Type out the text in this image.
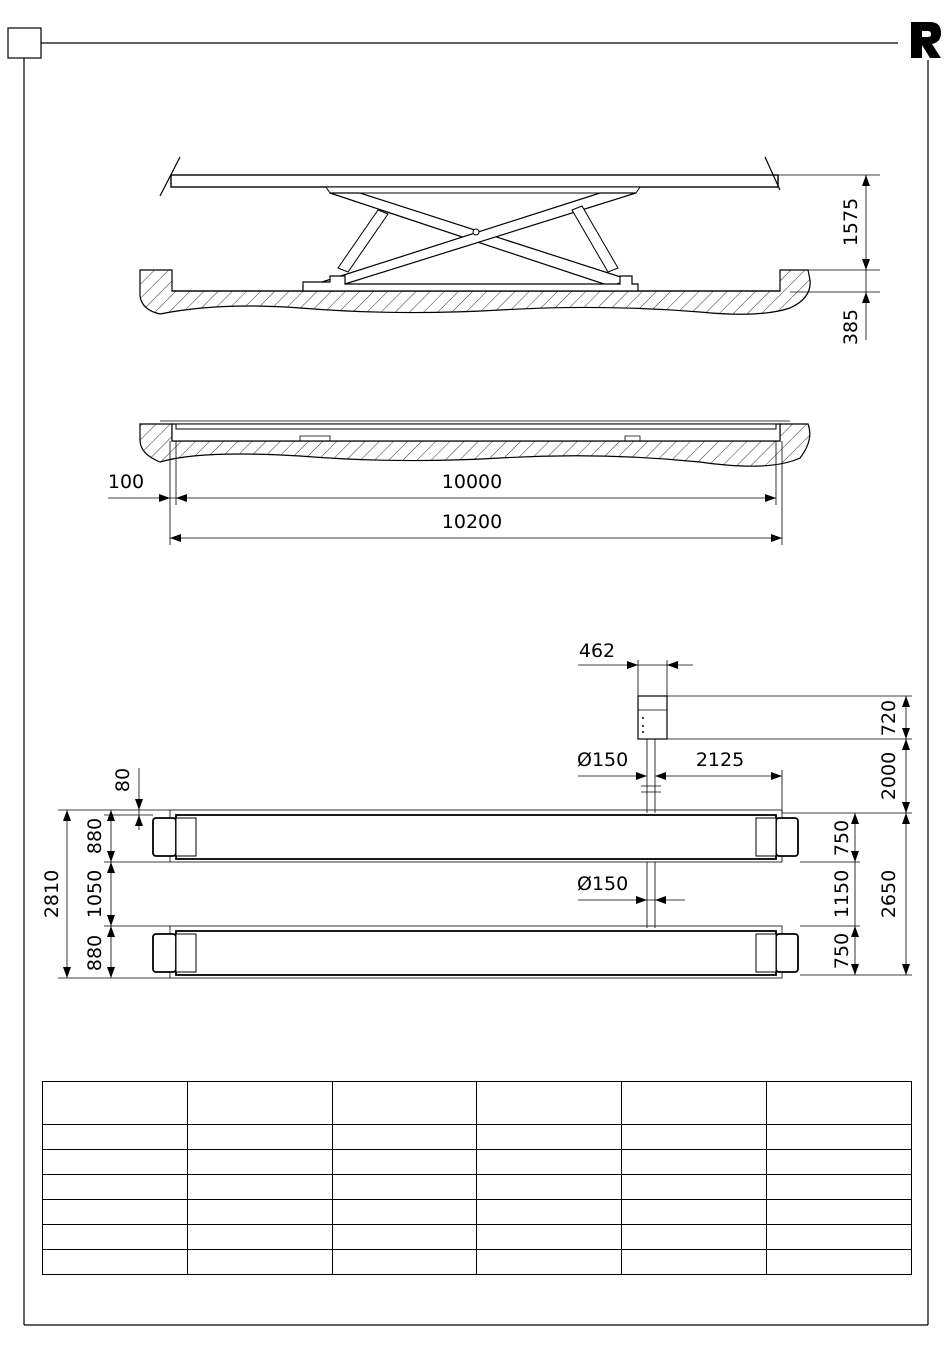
1575
385
100	10000
10200
462
720
2000
2650
750
1150
750
Ø150	2125
Ø150
80
880
1050
880
2810
